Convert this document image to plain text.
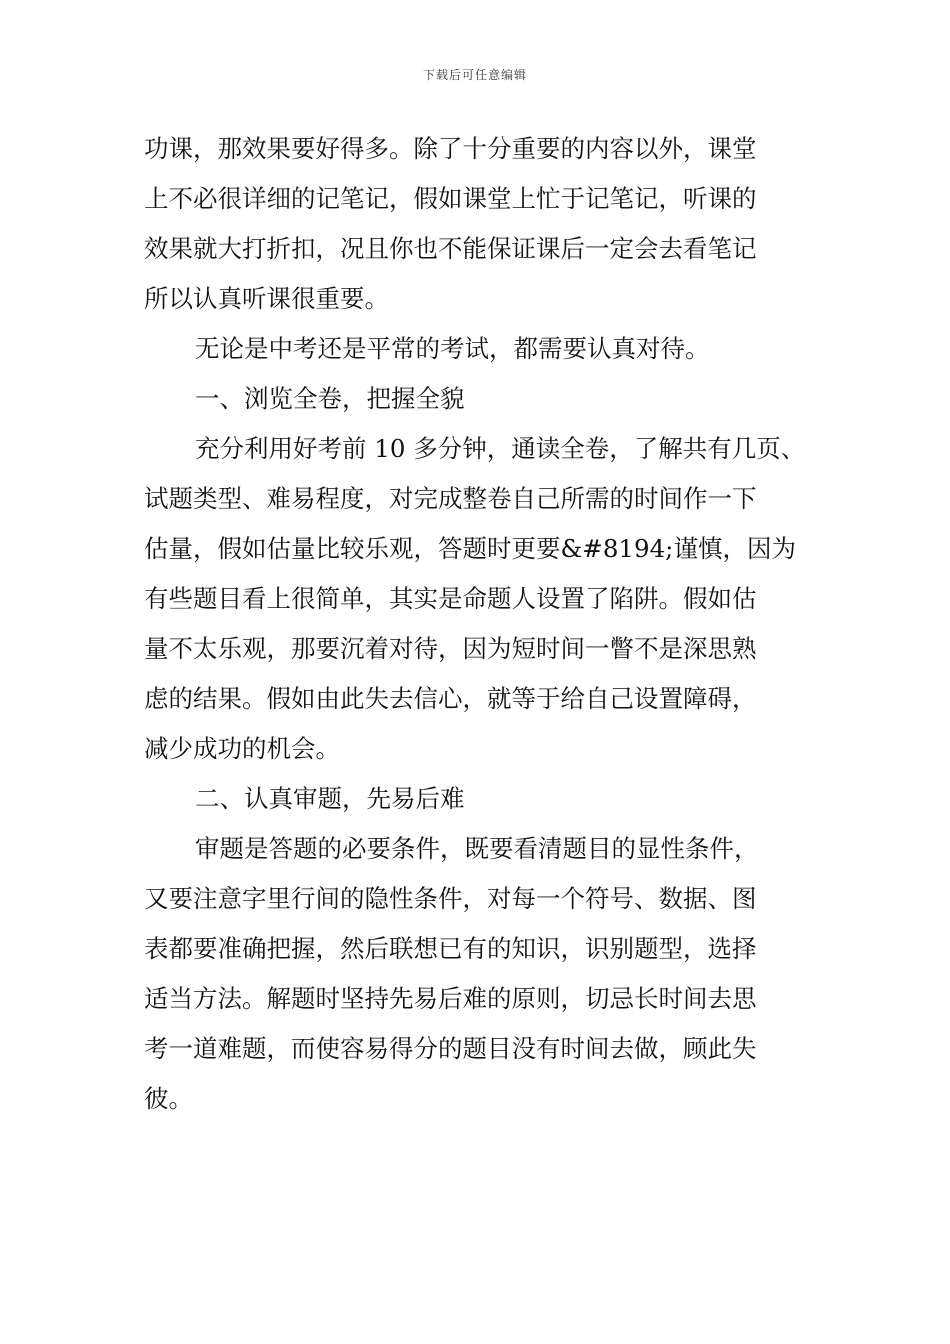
下载后可任意编辑
功课，那效果要好得多。除了十分重要的内容以外，课堂
上不必很详细的记笔记，假如课堂上忙于记笔记，听课的
效果就大打折扣，况且你也不能保证课后一定会去看笔记
所以认真听课很重要。
无论是中考还是平常的考试，都需要认真对待。
一、浏览全卷，把握全貌
充分利用好考前 10 多分钟，通读全卷，了解共有几页、
试题类型、难易程度，对完成整卷自己所需的时间作一下
估量，假如估量比较乐观，答题时更要&#8194;谨慎，因为
有些题目看上很简单，其实是命题人设置了陷阱。假如估
量不太乐观，那要沉着对待，因为短时间一瞥不是深思熟
虑的结果。假如由此失去信心，就等于给自己设置障碍，
减少成功的机会。
二、认真审题，先易后难
审题是答题的必要条件，既要看清题目的显性条件，
又要注意字里行间的隐性条件，对每一个符号、数据、图
表都要准确把握，然后联想已有的知识，识别题型，选择
适当方法。解题时坚持先易后难的原则，切忌长时间去思
考一道难题，而使容易得分的题目没有时间去做，顾此失
彼。
